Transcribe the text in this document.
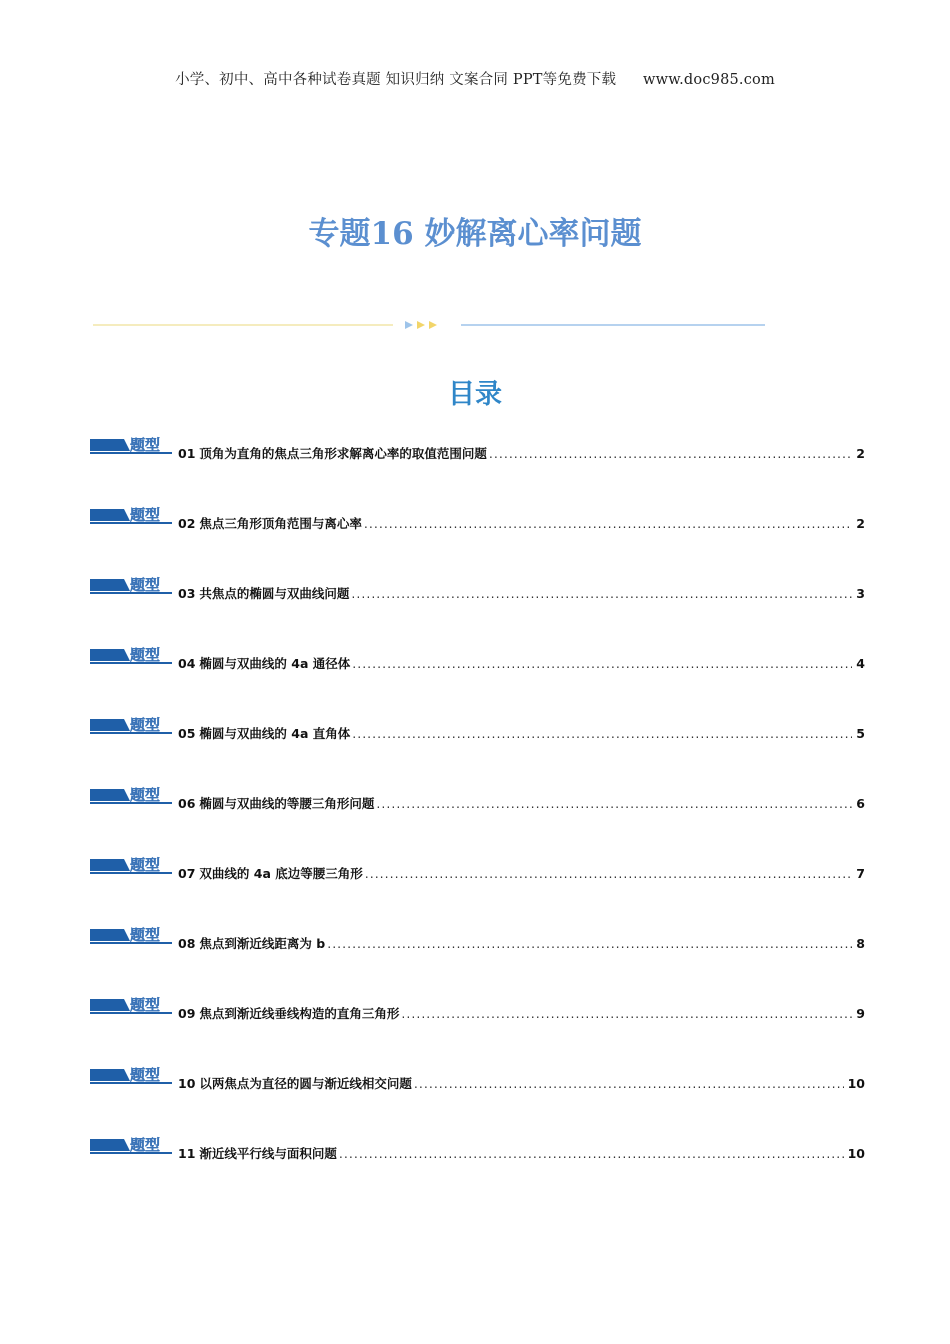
小学、初中、高中各种试卷真题 知识归纳 文案合同 PPT等免费下载 www.doc985.com
专题16 妙解离心率问题
目录
题型 01 顶角为直角的焦点三角形求解离心率的取值范围问题 .....	2
题型 02 焦点三角形顶角范围与离心率 .....	2
题型 03 共焦点的椭圆与双曲线问题 .....	3
题型 04 椭圆与双曲线的 4a 通径体 .....	4
题型 05 椭圆与双曲线的 4a 直角体 .....	5
题型 06 椭圆与双曲线的等腰三角形问题 .....	6
题型 07 双曲线的 4a 底边等腰三角形 .....	7
题型 08 焦点到渐近线距离为 b .....	8
题型 09 焦点到渐近线垂线构造的直角三角形 .....	9
题型 10 以两焦点为直径的圆与渐近线相交问题 .....	10
题型 11 渐近线平行线与面积问题 .....	10
